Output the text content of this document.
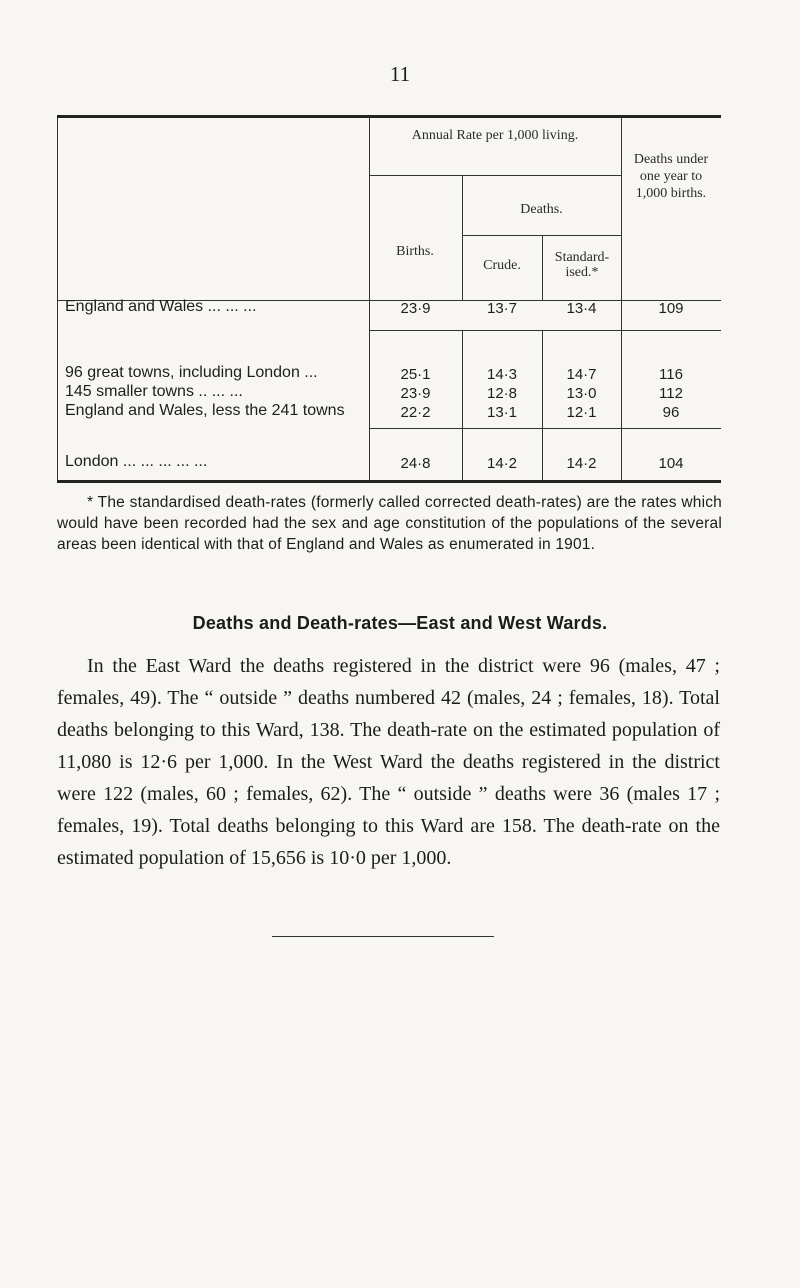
11
Annual Rate per 1,000 living.
Births.
Deaths.
Crude.
Standard-ised.*
Deaths under one year to 1,000 births.
England and Wales ... ... ...	23·9	13·7	13·4	109
96 great towns, including London ...	25·1	14·3	14·7	116
145 smaller towns .. ... ...	23·9	12·8	13·0	112
England and Wales, less the 241 towns	22·2	13·1	12·1	96
London ... ... ... ... ...	24·8	14·2	14·2	104
* The standardised death-rates (formerly called corrected death-rates) are the rates which would have been recorded had the sex and age constitution of the populations of the several areas been identical with that of England and Wales as enumerated in 1901.
Deaths and Death-rates—East and West Wards.
In the East Ward the deaths registered in the district were 96 (males, 47 ; females, 49). The “ outside ” deaths numbered 42 (males, 24 ; females, 18). Total deaths belonging to this Ward, 138. The death-rate on the estimated population of 11,080 is 12·6 per 1,000. In the West Ward the deaths registered in the district were 122 (males, 60 ; females, 62). The “ outside ” deaths were 36 (males 17 ; females, 19). Total deaths belonging to this Ward are 158. The death-rate on the estimated population of 15,656 is 10·0 per 1,000.
